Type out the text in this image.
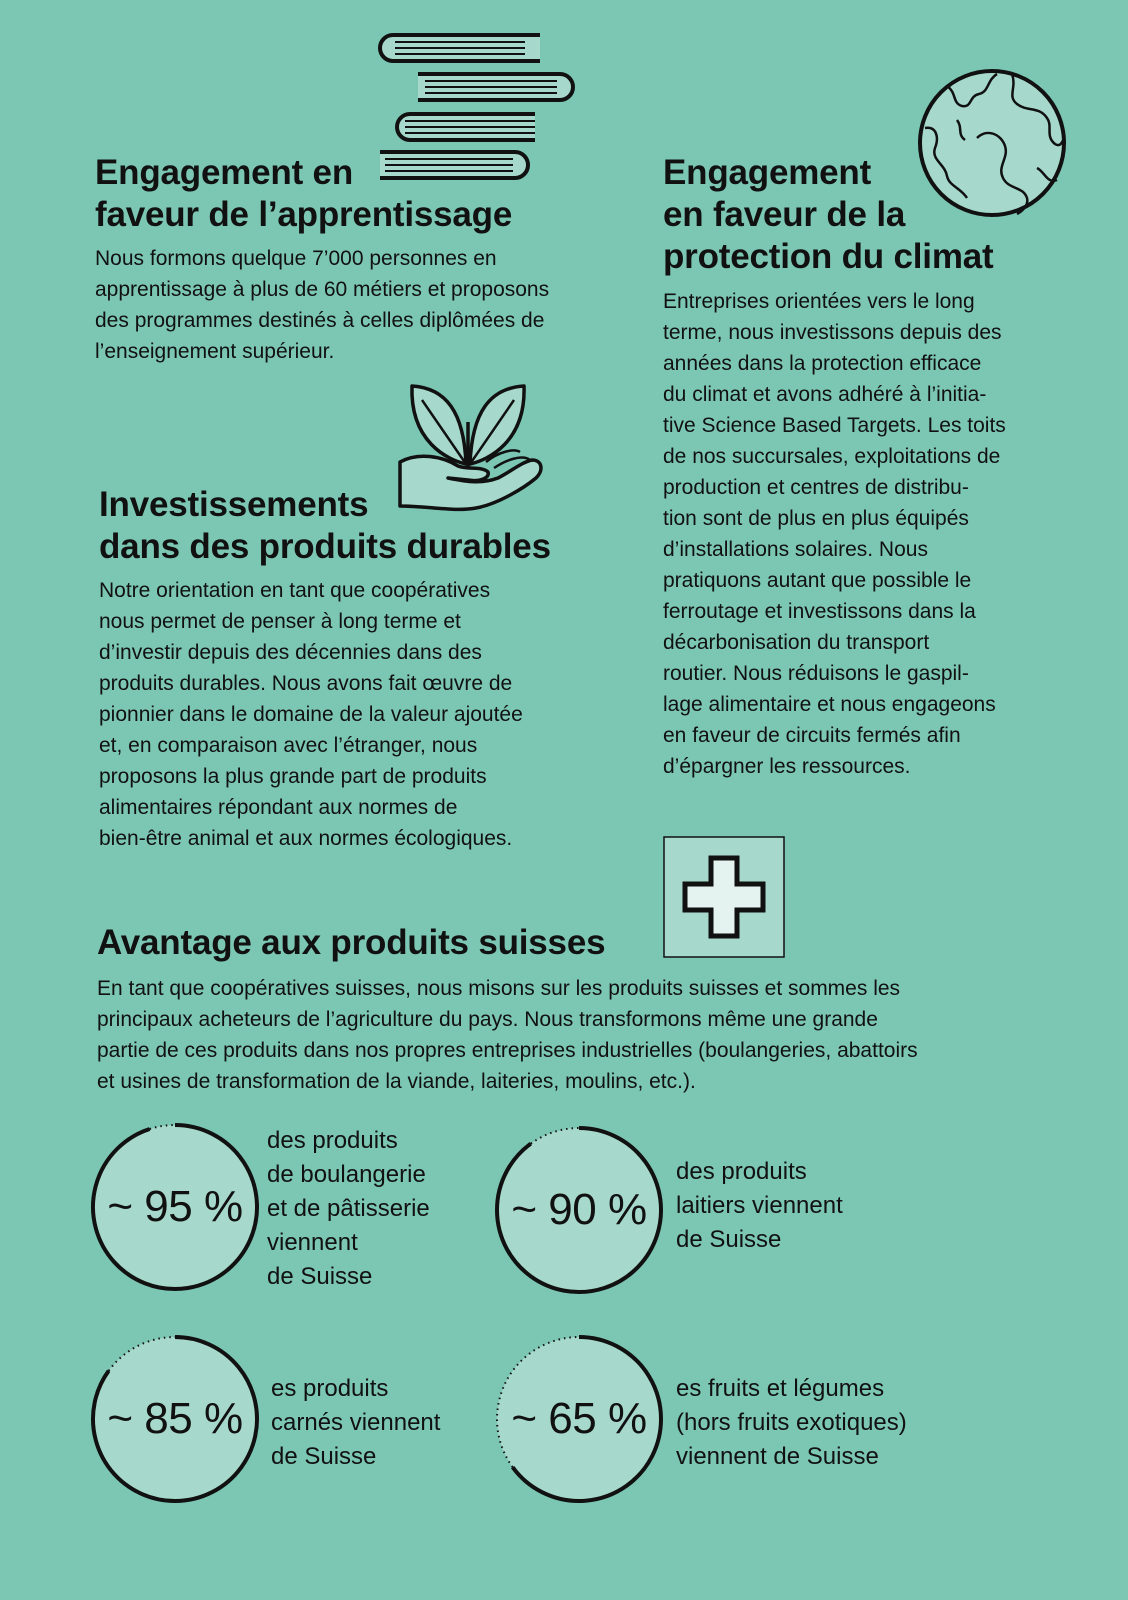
Engagement en
faveur de l’apprentissage

Nous formons quelque 7’000 personnes en
apprentissage à plus de 60 métiers et proposons
des programmes destinés à celles diplômées de
l’enseignement supérieur.

Engagement
en faveur de la
protection du climat

Entreprises orientées vers le long
terme, nous investissons depuis des
années dans la protection efficace
du climat et avons adhéré à l’initia-
tive Science Based Targets. Les toits
de nos succursales, exploitations de
production et centres de distribu-
tion sont de plus en plus équipés
d’installations solaires. Nous
pratiquons autant que possible le
ferroutage et investissons dans la
décarbonisation du transport
routier. Nous réduisons le gaspil-
lage alimentaire et nous engageons
en faveur de circuits fermés afin
d’épargner les ressources.

Investissements
dans des produits durables

Notre orientation en tant que coopératives
nous permet de penser à long terme et
d’investir depuis des décennies dans des
produits durables. Nous avons fait œuvre de
pionnier dans le domaine de la valeur ajoutée
et, en comparaison avec l’étranger, nous
proposons la plus grande part de produits
alimentaires répondant aux normes de
bien-être animal et aux normes écologiques.

Avantage aux produits suisses

En tant que coopératives suisses, nous misons sur les produits suisses et sommes les
principaux acheteurs de l’agriculture du pays. Nous transformons même une grande
partie de ces produits dans nos propres entreprises industrielles (boulangeries, abattoirs
et usines de transformation de la viande, laiteries, moulins, etc.).

~ 95 %
des produits
de boulangerie
et de pâtisserie
viennent
de Suisse
~ 90 %
des produits
laitiers viennent
de Suisse
~ 85 %
es produits
carnés viennent
de Suisse
~ 65 %
es fruits et légumes
(hors fruits exotiques)
viennent de Suisse
